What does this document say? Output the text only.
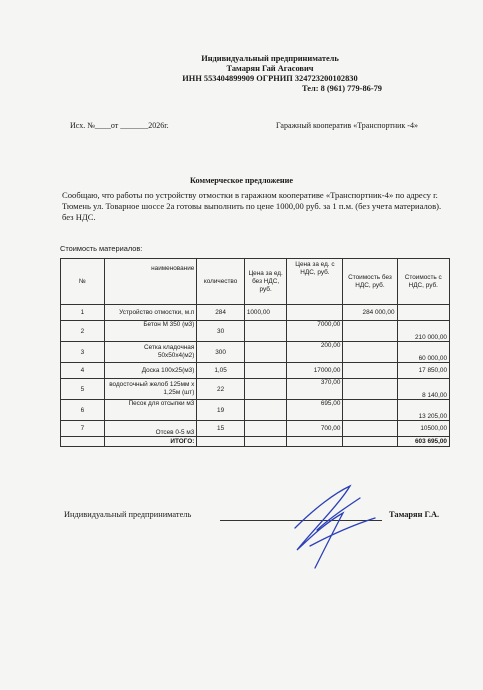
Индивидуальный предприниматель
Тамарян Гай Агасович
ИНН 553404899909 ОГРНИП 324723200102830
Тел: 8 (961) 779-86-79
Исх. №____от _______2026г.	Гаражный кооператив «Транспортник -4»
Коммерческое предложение
Сообщаю, что работы по устройству отмостки в гаражном кооперативе «Транспортник-4» по адресу г. Тюмень ул. Товарное шоссе 2а готовы выполнить по цене 1000,00 руб. за 1 п.м. (без учета материалов). без НДС.
Стоимость материалов:
№	наименование	количество	Цена за ед. без НДС, руб.	Цена за ед. с НДС, руб.	Стоимость без НДС, руб.	Стоимость с НДС, руб.
1	Устройство отмостки, м.п	284	1000,00		284 000,00	
2	Бетон М 350 (м3)	30		7000,00		210 000,00
3	Сетка кладочная 50х50х4(м2)	300		200,00		60 000,00
4	Доска 100х25(м3)	1,05		17000,00		17 850,00
5	водосточный желоб 125мм х 1,25м (шт)	22		370,00		8 140,00
6	Песок для отсыпки м3	19		695,00		13 205,00
7	Отсев 0-5 м3	15		700,00		10500,00
	ИТОГО:					603 695,00
Индивидуальный предприниматель	Тамарян Г.А.
